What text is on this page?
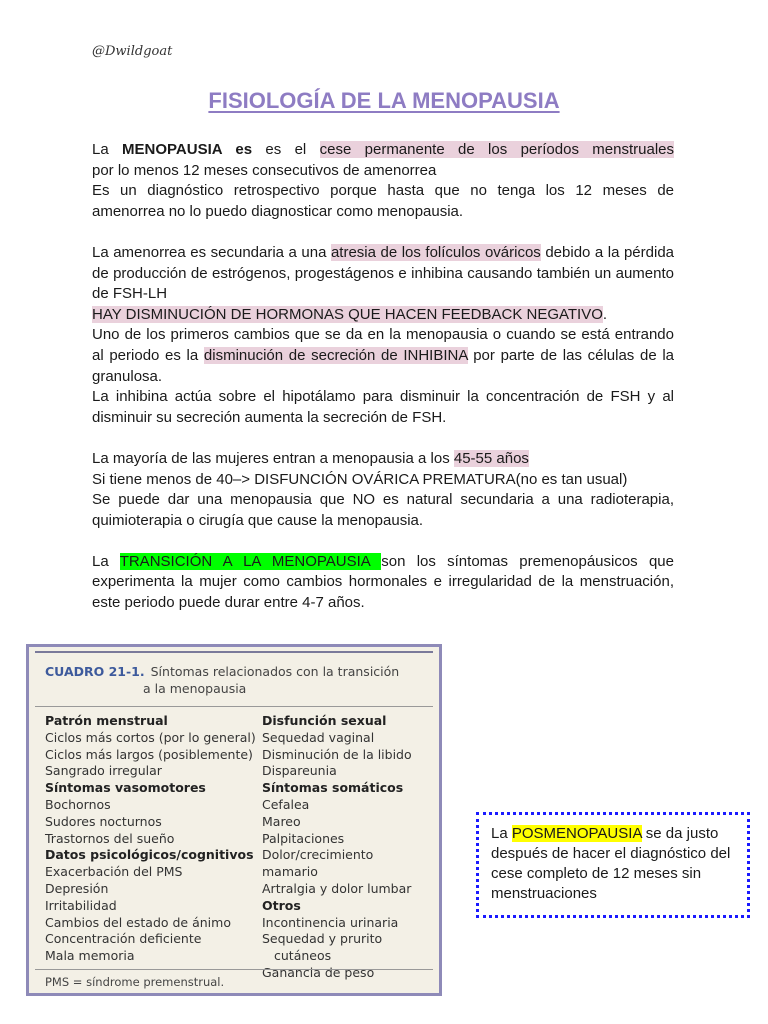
@Dwildgoat
FISIOLOGÍA DE LA MENOPAUSIA

La MENOPAUSIA es es el cese permanente de los períodos menstruales

por lo menos 12 meses consecutivos de amenorrea

Es un diagnóstico retrospectivo porque hasta que no tenga los 12 meses de amenorrea no lo puedo diagnosticar como menopausia.

La amenorrea es secundaria a una atresia de los folículos ováricos debido a la pérdida de producción de estrógenos, progestágenos e inhibina causando también un aumento de FSH-LH

HAY DISMINUCIÓN DE HORMONAS QUE HACEN FEEDBACK NEGATIVO.

Uno de los primeros cambios que se da en la menopausia o cuando se está entrando al periodo es la disminución de secreción de INHIBINA por parte de las células de la granulosa.

La inhibina actúa sobre el hipotálamo para disminuir la concentración de FSH y al disminuir su secreción aumenta la secreción de FSH.

La mayoría de las mujeres entran a menopausia a los 45-55 años

Si tiene menos de 40–> DISFUNCIÓN OVÁRICA PREMATURA(no es tan usual)

Se puede dar una menopausia que NO es natural secundaria a una radioterapia, quimioterapia o cirugía que cause la menopausia.

La TRANSICIÓN A LA MENOPAUSIA son los síntomas premenopáusicos que experimenta la mujer como cambios hormonales e irregularidad de la menstruación, este periodo puede durar entre 4-7 años.

CUADRO 21-1. Síntomas relacionados con la transición
a la menopausia
Patrón menstrual
Ciclos más cortos (por lo general)
Ciclos más largos (posiblemente)
Sangrado irregular
Síntomas vasomotores
Bochornos
Sudores nocturnos
Trastornos del sueño
Datos psicológicos/cognitivos
Exacerbación del PMS
Depresión
Irritabilidad
Cambios del estado de ánimo
Concentración deficiente
Mala memoria
Disfunción sexual
Sequedad vaginal
Disminución de la libido
Dispareunia
Síntomas somáticos
Cefalea
Mareo
Palpitaciones
Dolor/crecimiento mamario
Artralgia y dolor lumbar
Otros
Incontinencia urinaria
Sequedad y prurito
cutáneos
Ganancia de peso
PMS = síndrome premenstrual.
La POSMENOPAUSIA se da justo después de hacer el diagnóstico del cese completo de 12 meses sin menstruaciones
